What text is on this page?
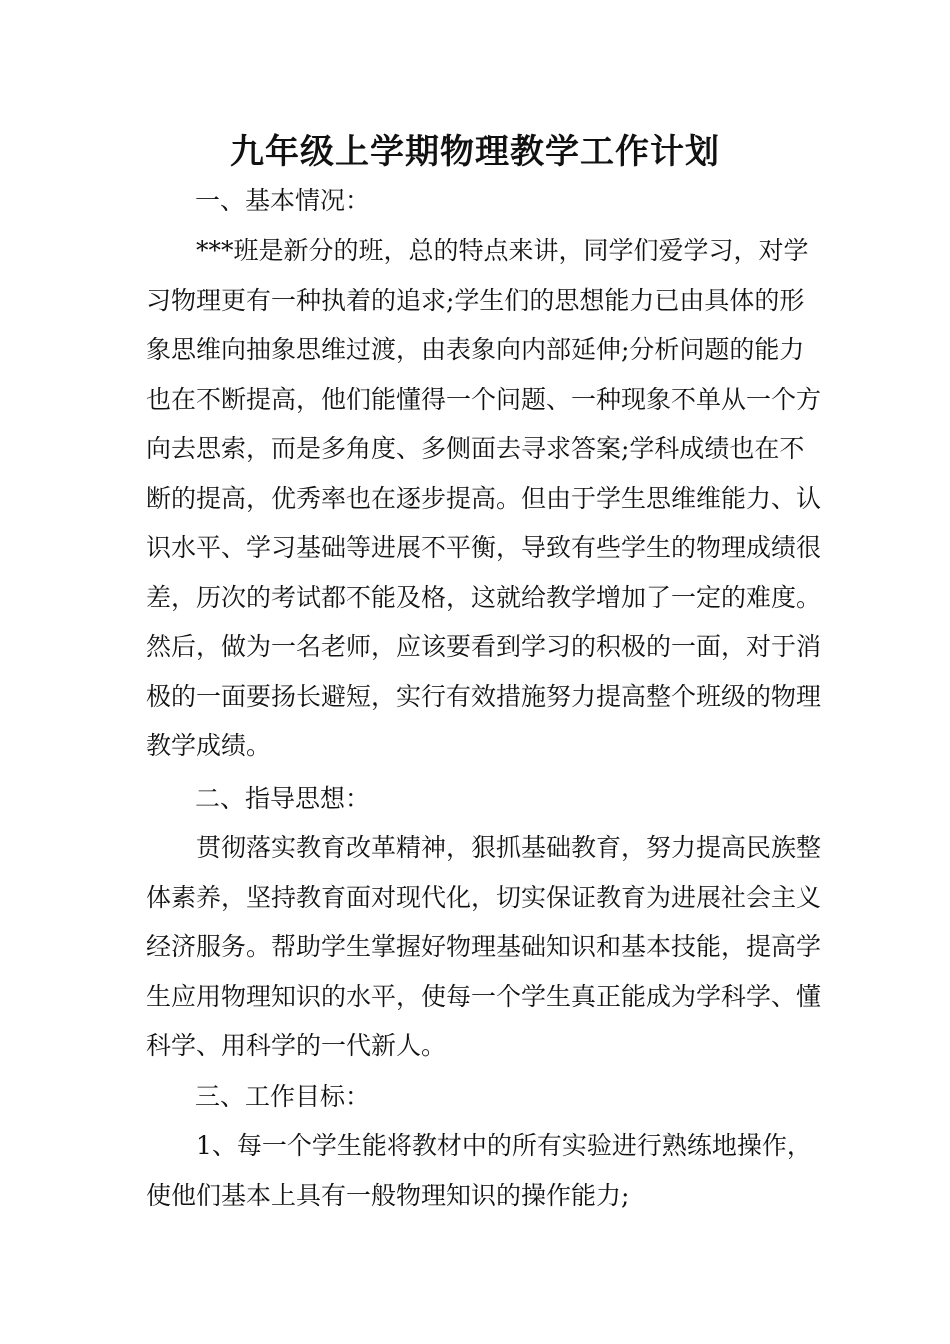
九年级上学期物理教学工作计划
一、基本情况：

***班是新分的班，总的特点来讲，同学们爱学习，对学习物理更有一种执着的追求;学生们的思想能力已由具体的形象思维向抽象思维过渡，由表象向内部延伸;分析问题的能力也在不断提高，他们能懂得一个问题、一种现象不单从一个方向去思索，而是多角度、多侧面去寻求答案;学科成绩也在不断的提高，优秀率也在逐步提高。但由于学生思维维能力、认识水平、学习基础等进展不平衡，导致有些学生的物理成绩很差，历次的考试都不能及格，这就给教学增加了一定的难度。然后，做为一名老师，应该要看到学习的积极的一面，对于消极的一面要扬长避短，实行有效措施努力提高整个班级的物理教学成绩。

二、指导思想：

贯彻落实教育改革精神，狠抓基础教育，努力提高民族整体素养，坚持教育面对现代化，切实保证教育为进展社会主义经济服务。帮助学生掌握好物理基础知识和基本技能，提高学生应用物理知识的水平，使每一个学生真正能成为学科学、懂科学、用科学的一代新人。

三、工作目标：

1、每一个学生能将教材中的所有实验进行熟练地操作，使他们基本上具有一般物理知识的操作能力;
